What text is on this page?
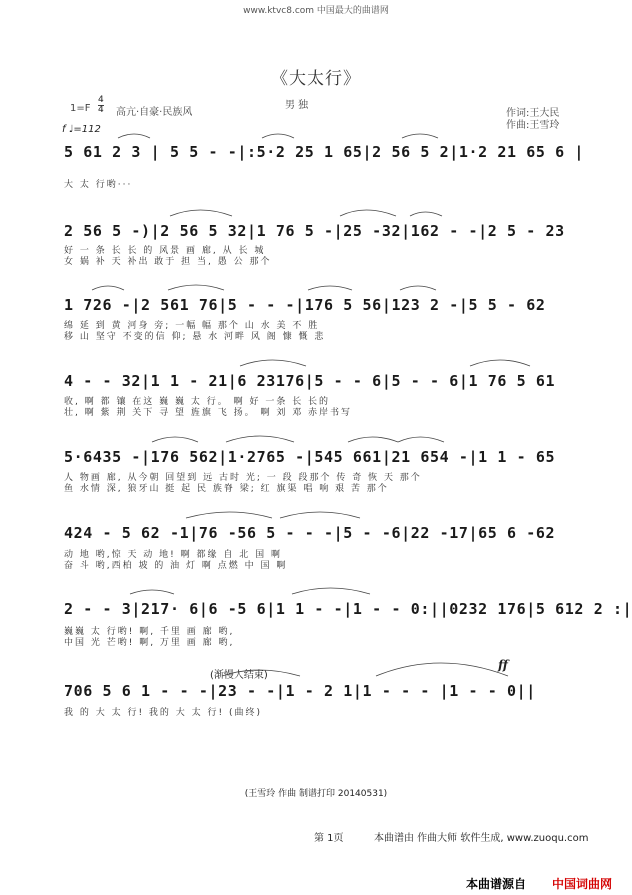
www.ktvc8.com 中国最大的曲谱网
《大太行》
1=F
4
4 高亢·自豪·民族风
男 独
作词:王大民
作曲:王雪玲
f ♩=112
5 61 2 3 | 5 5 - -|:5·2 25 1 65|2 56 5 2|1·2 21 65 6 |
大 太 行哟···
2 56 5 -)|2 56 5 32|1 76 5 -|25 -32|162 - -|2 5 - 23
好 一 条 长 长 的 风景 画 廊, 从 长 城
女 娲 补 天 补出 敢于 担 当, 愚 公 那个
1 726 -|2 561 76|5 - - -|176 5 56|123 2 -|5 5 - 62
绵 延 到 黄 河身 旁; 一幅 幅 那个 山 水 美 不 胜
移 山 坚守 不变的信 仰; 悬 水 河畔 风 阁 慷 慨 悲
4 - - 32|1 1 - 21|6 23176|5 - - 6|5 - - 6|1 76 5 61
收, 啊 都 镶 在这 巍 巍 太 行。 啊 好 一条 长 长的
壮, 啊 紫 荆 关下 寻 望 旌旗 飞 扬。 啊 刘 邓 赤岸书写
5·6435 -|176 562|1·2765 -|545 661|21 654 -|1 1 - 65
人 物画 廊, 从今朝 回望到 远 古时 光; 一 段 段那个 传 奇 恢 天 那个
鱼 水情 深, 狼牙山 挺 起 民 族脊 梁; 红 旗渠 唱 响 艰 苦 那个
424 - 5 62 -1|76 -56 5 - - -|5 - -6|22 -17|65 6 -62
动 地 哟,惊 天 动 地! 啊 都缘 自 北 国 啊
奋 斗 哟,西柏 坡 的 油 灯 啊 点燃 中 国 啊
2 - - 3|217· 6|6 -5 6|1 1 - -|1 - - 0:||0232 176|5 612 2 :|
巍巍 太 行哟! 啊, 千里 画 廊 哟,
中国 光 芒哟! 啊, 万里 画 廊 哟,
(渐慢人结束)
ff
706 5 6 1 - - -|23 - -|1 - 2 1|1 - - - |1 - - 0||
我 的 大 太 行! 我的 大 太 行! (曲终)
(王雪玲 作曲 制谱打印 20140531)
第 1页	本曲谱由 作曲大师 软件生成, www.zuoqu.com
本曲谱源自 中国词曲网
